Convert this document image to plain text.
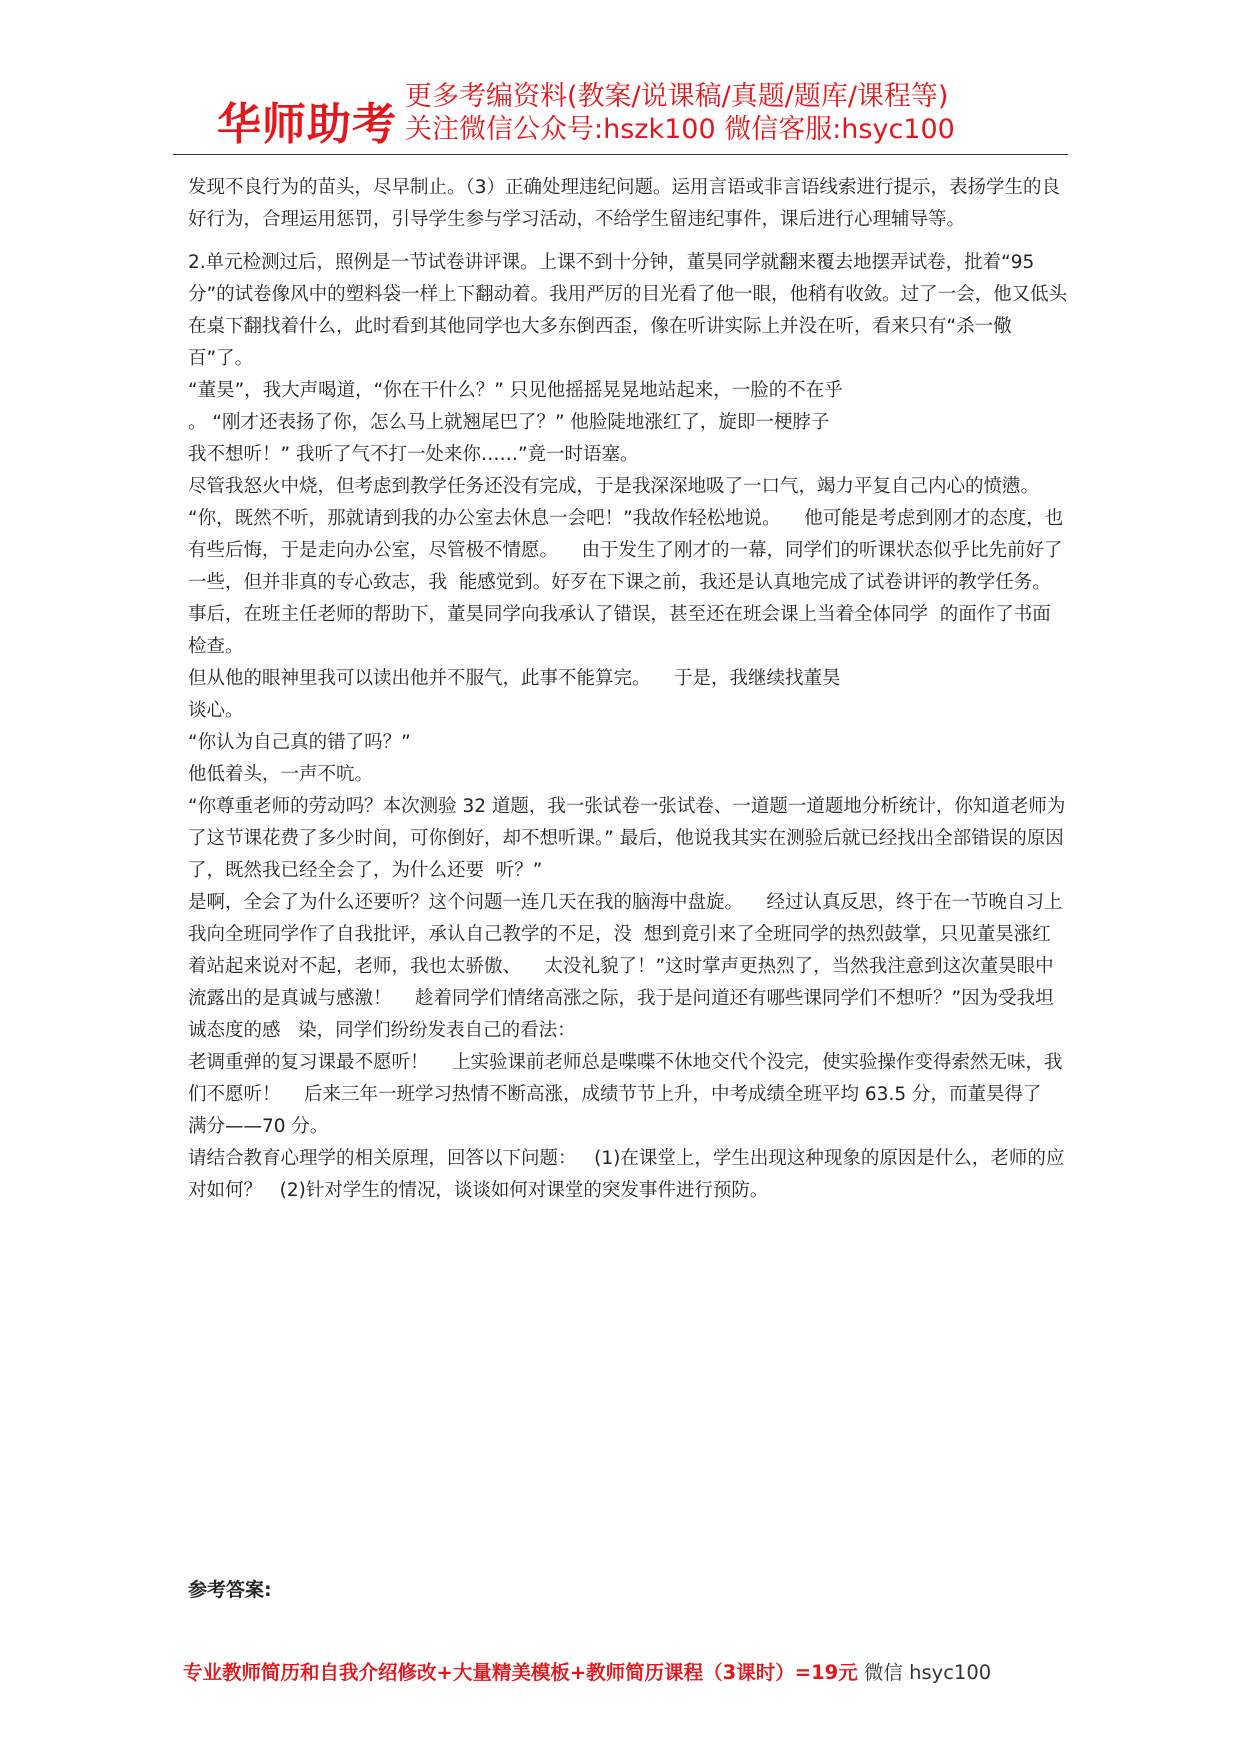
华师助考
更多考编资料(教案/说课稿/真题/题库/课程等)
关注微信公众号:hszk100 微信客服:hsyc100

发现不良行为的苗头，尽早制止。（3）正确处理违纪问题。运用言语或非言语线索进行提示，表扬学生的良好行为，合理运用惩罚，引导学生参与学习活动，不给学生留违纪事件，课后进行心理辅导等。

2.单元检测过后，照例是一节试卷讲评课。上课不到十分钟，董昊同学就翻来覆去地摆弄试卷，批着“95 分”的试卷像风中的塑料袋一样上下翻动着。我用严厉的目光看了他一眼，他稍有收敛。过了一会，他又低头在桌下翻找着什么，此时看到其他同学也大多东倒西歪，像在听讲实际上并没在听，看来只有“杀一儆百”了。

“董昊”，我大声喝道，“你在干什么？” 只见他摇摇晃晃地站起来，一脸的不在乎

。 “刚才还表扬了你，怎么马上就翘尾巴了？” 他脸陡地涨红了，旋即一梗脖子

我不想听！” 我听了气不打一处来你……”竟一时语塞。

尽管我怒火中烧，但考虑到教学任务还没有完成，于是我深深地吸了一口气，竭力平复自己内心的愤懑。

“你，既然不听，那就请到我的办公室去休息一会吧！”我故作轻松地说。    他可能是考虑到刚才的态度，也有些后悔，于是走向办公室，尽管极不情愿。    由于发生了刚才的一幕，同学们的听课状态似乎比先前好了一些，但并非真的专心致志，我  能感觉到。好歹在下课之前，我还是认真地完成了试卷讲评的教学任务。    事后，在班主任老师的帮助下，董昊同学向我承认了错误，甚至还在班会课上当着全体同学  的面作了书面检查。

但从他的眼神里我可以读出他并不服气，此事不能算完。    于是，我继续找董昊

谈心。

“你认为自己真的错了吗？”

他低着头，一声不吭。

“你尊重老师的劳动吗？本次测验 32 道题，我一张试卷一张试卷、一道题一道题地分析统计，你知道老师为了这节课花费了多少时间，可你倒好，却不想听课。” 最后，他说我其实在测验后就已经找出全部错误的原因了，既然我已经全会了，为什么还要  听？”

是啊，全会了为什么还要听？这个问题一连几天在我的脑海中盘旋。    经过认真反思，终于在一节晚自习上我向全班同学作了自我批评，承认自己教学的不足，没  想到竟引来了全班同学的热烈鼓掌，只见董昊涨红着站起来说对不起，老师，我也太骄傲、    太没礼貌了！”这时掌声更热烈了，当然我注意到这次董昊眼中流露出的是真诚与感激！    趁着同学们情绪高涨之际，我于是问道还有哪些课同学们不想听？”因为受我坦诚态度的感   染，同学们纷纷发表自己的看法：

老调重弹的复习课最不愿听！    上实验课前老师总是喋喋不休地交代个没完，使实验操作变得索然无味，我们不愿听！    后来三年一班学习热情不断高涨，成绩节节上升，中考成绩全班平均 63.5 分，而董昊得了   满分——70 分。

请结合教育心理学的相关原理，回答以下问题：   (1)在课堂上，学生出现这种现象的原因是什么，老师的应对如何？   (2)针对学生的情况，谈谈如何对课堂的突发事件进行预防。

参考答案:
专业教师简历和自我介绍修改+大量精美模板+教师简历课程（3课时）=19元 微信 hsyc100
